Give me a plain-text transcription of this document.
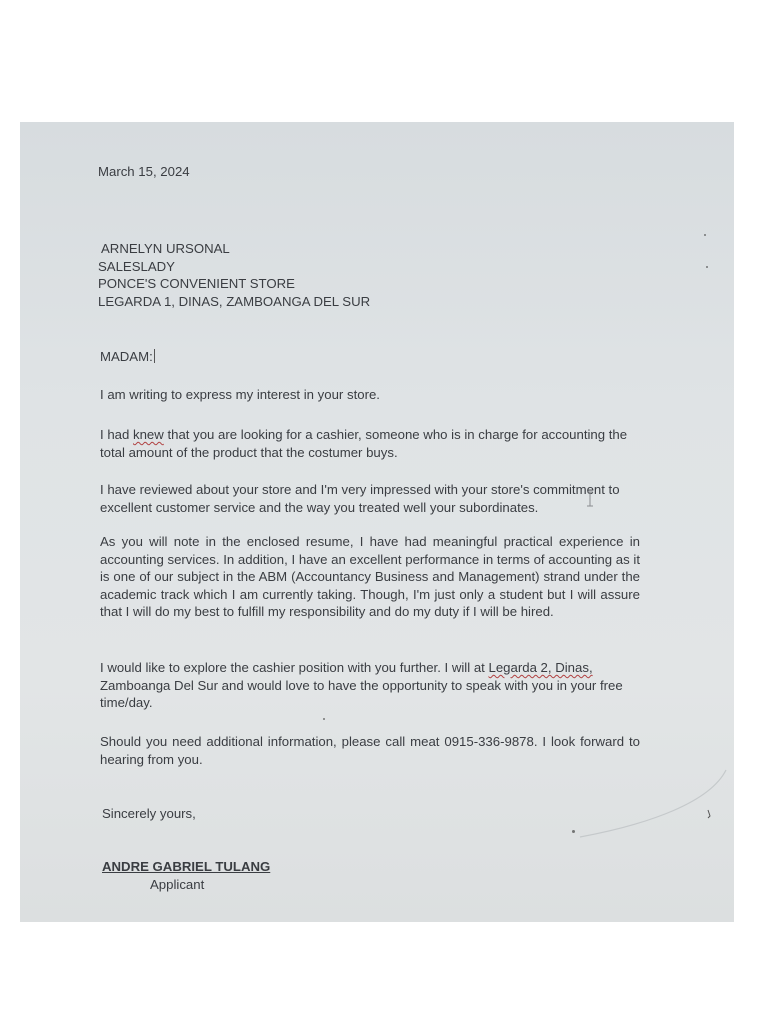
March 15, 2024
ARNELYN URSONAL
SALESLADY
PONCE'S CONVENIENT STORE
LEGARDA 1, DINAS, ZAMBOANGA DEL SUR
MADAM:

I am writing to express my interest in your store.

I had knew that you are looking for a cashier, someone who is in charge for accounting the total amount of the product that the costumer buys.

I have reviewed about your store and I'm very impressed with your store's commitment to excellent customer service and the way you treated well your subordinates.

As you will note in the enclosed resume, I have had meaningful practical experience in accounting services. In addition, I have an excellent performance in terms of accounting as it is one of our subject in the ABM (Accountancy Business and Management) strand under the academic track which I am currently taking. Though, I'm just only a student but I will assure that I will do my best to fulfill my responsibility and do my duty if I will be hired.

I would like to explore the cashier position with you further. I will at Legarda 2, Dinas, Zamboanga Del Sur and would love to have the opportunity to speak with you in your free time/day.

Should you need additional information, please call meat 0915-336-9878. I look forward to hearing from you.

Sincerely yours,
ANDRE GABRIEL TULANG
Applicant
